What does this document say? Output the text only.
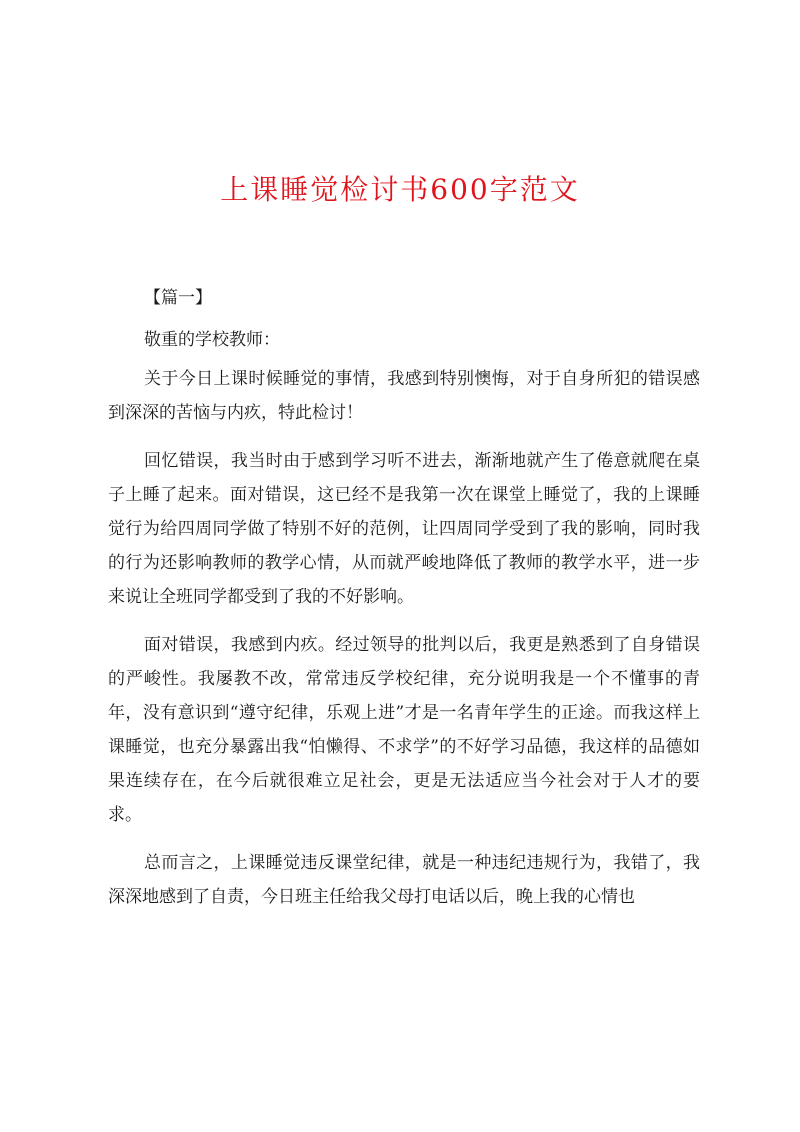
上课睡觉检讨书600字范文
【篇一】

敬重的学校教师：

关于今日上课时候睡觉的事情，我感到特别懊悔，对于自身所犯的错误感到深深的苦恼与内疚，特此检讨！

回忆错误，我当时由于感到学习听不进去，渐渐地就产生了倦意就爬在桌子上睡了起来。面对错误，这已经不是我第一次在课堂上睡觉了，我的上课睡觉行为给四周同学做了特别不好的范例，让四周同学受到了我的影响，同时我的行为还影响教师的教学心情，从而就严峻地降低了教师的教学水平，进一步来说让全班同学都受到了我的不好影响。

面对错误，我感到内疚。经过领导的批判以后，我更是熟悉到了自身错误的严峻性。我屡教不改，常常违反学校纪律，充分说明我是一个不懂事的青年，没有意识到“遵守纪律，乐观上进”才是一名青年学生的正途。而我这样上课睡觉，也充分暴露出我“怕懒得、不求学”的不好学习品德，我这样的品德如果连续存在，在今后就很难立足社会，更是无法适应当今社会对于人才的要求。

总而言之，上课睡觉违反课堂纪律，就是一种违纪违规行为，我错了，我深深地感到了自责，今日班主任给我父母打电话以后，晚上我的心情也
